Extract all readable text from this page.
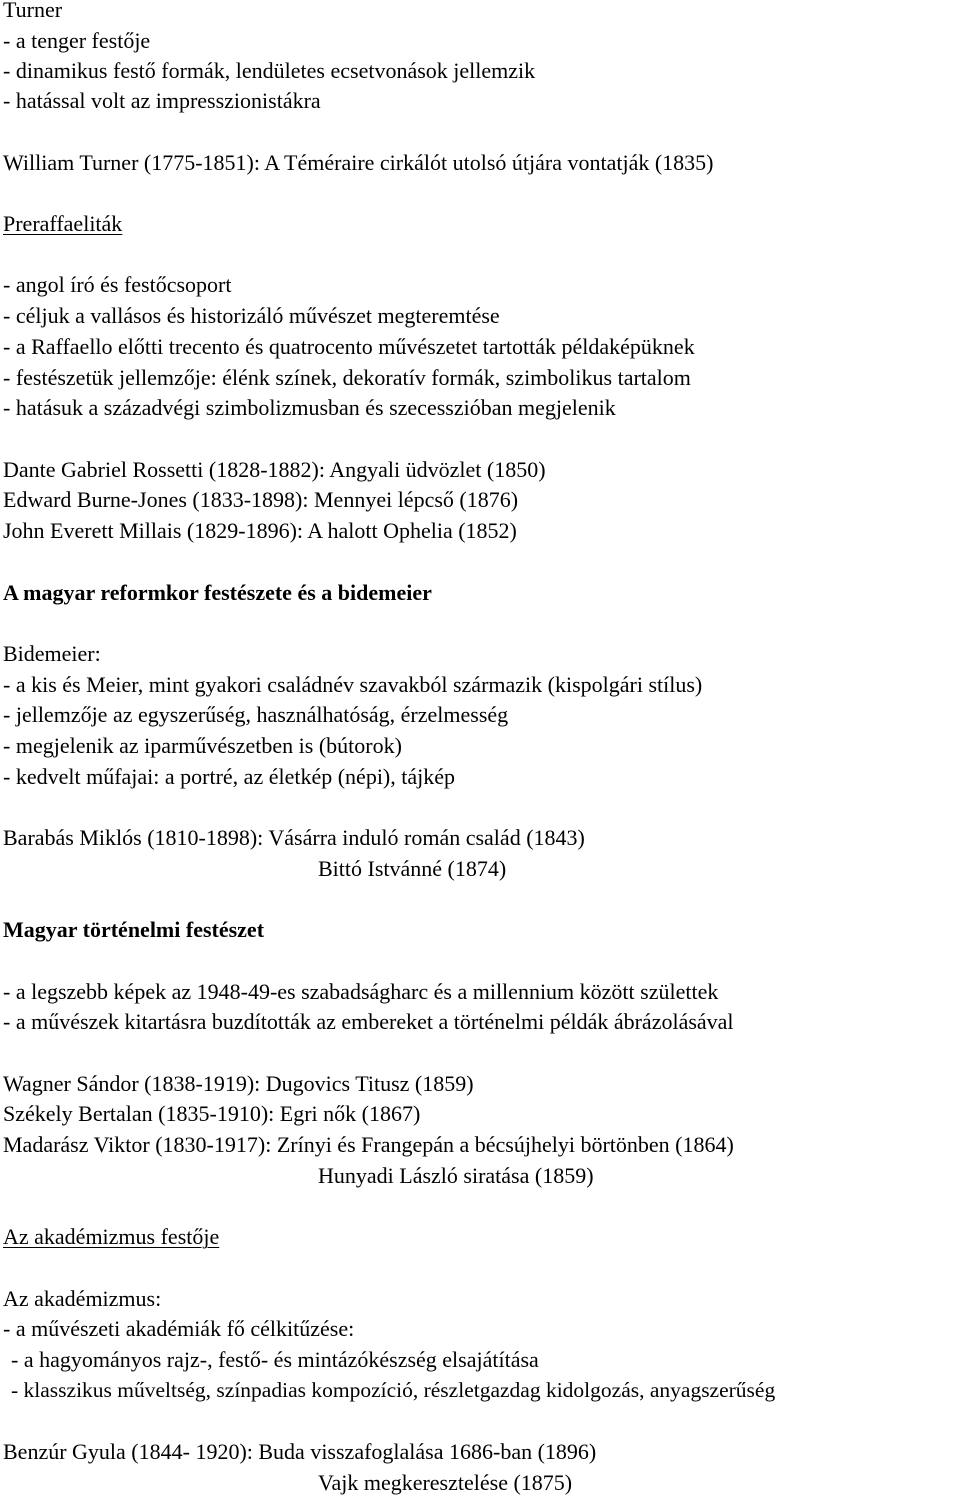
Turner

- a tenger festője

- dinamikus festő formák, lendületes ecsetvonások jellemzik

- hatással volt az impresszionistákra

William Turner (1775-1851): A Téméraire cirkálót utolsó útjára vontatják (1835)

Preraffaeliták

- angol író és festőcsoport

- céljuk a vallásos és historizáló művészet megteremtése

- a Raffaello előtti trecento és quatrocento művészetet tartották példaképüknek

- festészetük jellemzője: élénk színek, dekoratív formák, szimbolikus tartalom

- hatásuk a századvégi szimbolizmusban és szecesszióban megjelenik

Dante Gabriel Rossetti (1828-1882): Angyali üdvözlet (1850)

Edward Burne-Jones (1833-1898): Mennyei lépcső (1876)

John Everett Millais (1829-1896): A halott Ophelia (1852)

A magyar reformkor festészete és a bidemeier

Bidemeier:

- a kis és Meier, mint gyakori családnév szavakból származik (kispolgári stílus)

- jellemzője az egyszerűség, használhatóság, érzelmesség

- megjelenik az iparművészetben is (bútorok)

- kedvelt műfajai: a portré, az életkép (népi), tájkép

Barabás Miklós (1810-1898): Vásárra induló román család (1843)

Bittó Istvánné (1874)

Magyar történelmi festészet

- a legszebb képek az 1948-49-es szabadságharc és a millennium között születtek

- a művészek kitartásra buzdították az embereket a történelmi példák ábrázolásával

Wagner Sándor (1838-1919): Dugovics Titusz (1859)

Székely Bertalan (1835-1910): Egri nők (1867)

Madarász Viktor (1830-1917): Zrínyi és Frangepán a bécsújhelyi börtönben (1864)

Hunyadi László siratása (1859)

Az akadémizmus festője

Az akadémizmus:

- a művészeti akadémiák fő célkitűzése:

- a hagyományos rajz-, festő- és mintázókészség elsajátítása

- klasszikus műveltség, színpadias kompozíció, részletgazdag kidolgozás, anyagszerűség

Benzúr Gyula (1844- 1920): Buda visszafoglalása 1686-ban (1896)

Vajk megkeresztelése (1875)
